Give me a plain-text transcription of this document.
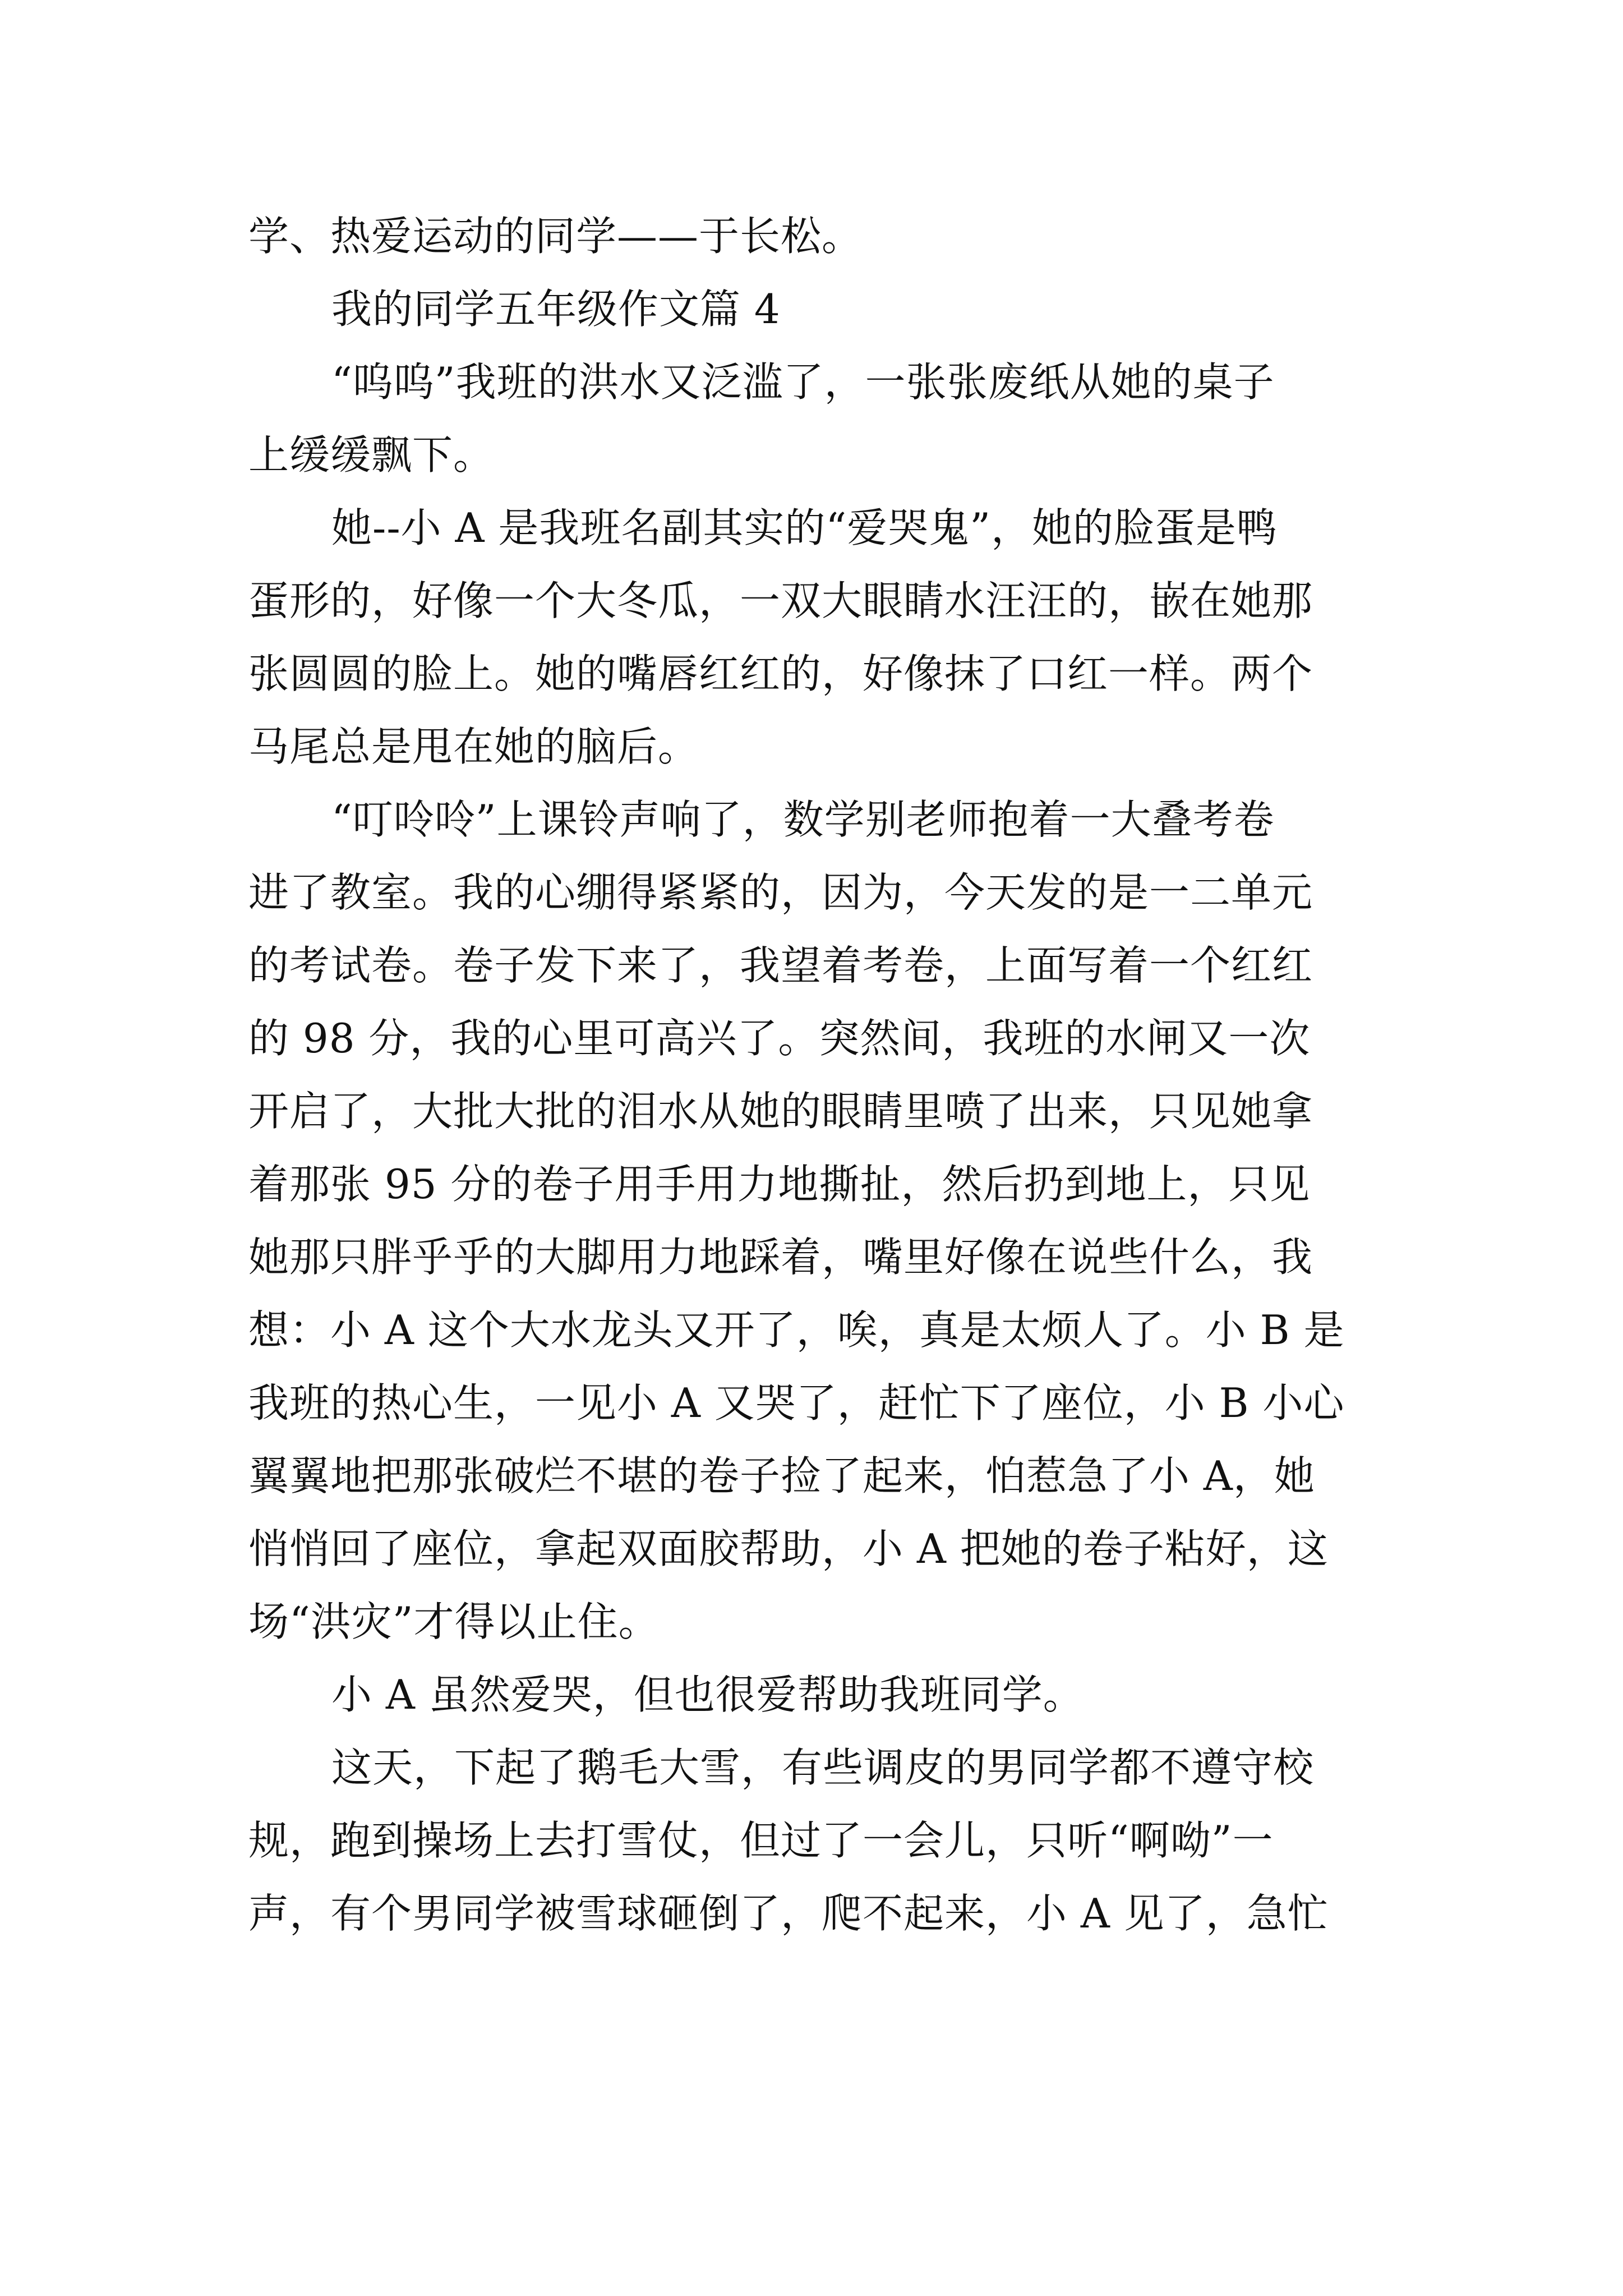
学、热爱运动的同学——于长松。
我的同学五年级作文篇 4
“呜呜”我班的洪水又泛滥了，一张张废纸从她的桌子
上缓缓飘下。
她--小 A 是我班名副其实的“爱哭鬼”，她的脸蛋是鸭
蛋形的，好像一个大冬瓜，一双大眼睛水汪汪的，嵌在她那
张圆圆的脸上。她的嘴唇红红的，好像抹了口红一样。两个
马尾总是甩在她的脑后。
“叮呤呤”上课铃声响了，数学别老师抱着一大叠考卷
进了教室。我的心绷得紧紧的，因为，今天发的是一二单元
的考试卷。卷子发下来了，我望着考卷，上面写着一个红红
的 98 分，我的心里可高兴了。突然间，我班的水闸又一次
开启了，大批大批的泪水从她的眼睛里喷了出来，只见她拿
着那张 95 分的卷子用手用力地撕扯，然后扔到地上，只见
她那只胖乎乎的大脚用力地踩着，嘴里好像在说些什么，我
想：小 A 这个大水龙头又开了，唉，真是太烦人了。小 B 是
我班的热心生，一见小 A 又哭了，赶忙下了座位，小 B 小心
翼翼地把那张破烂不堪的卷子捡了起来，怕惹急了小 A，她
悄悄回了座位，拿起双面胶帮助，小 A 把她的卷子粘好，这
场“洪灾”才得以止住。
小 A 虽然爱哭，但也很爱帮助我班同学。
这天，下起了鹅毛大雪，有些调皮的男同学都不遵守校
规，跑到操场上去打雪仗，但过了一会儿，只听“啊呦”一
声，有个男同学被雪球砸倒了，爬不起来，小 A 见了，急忙
